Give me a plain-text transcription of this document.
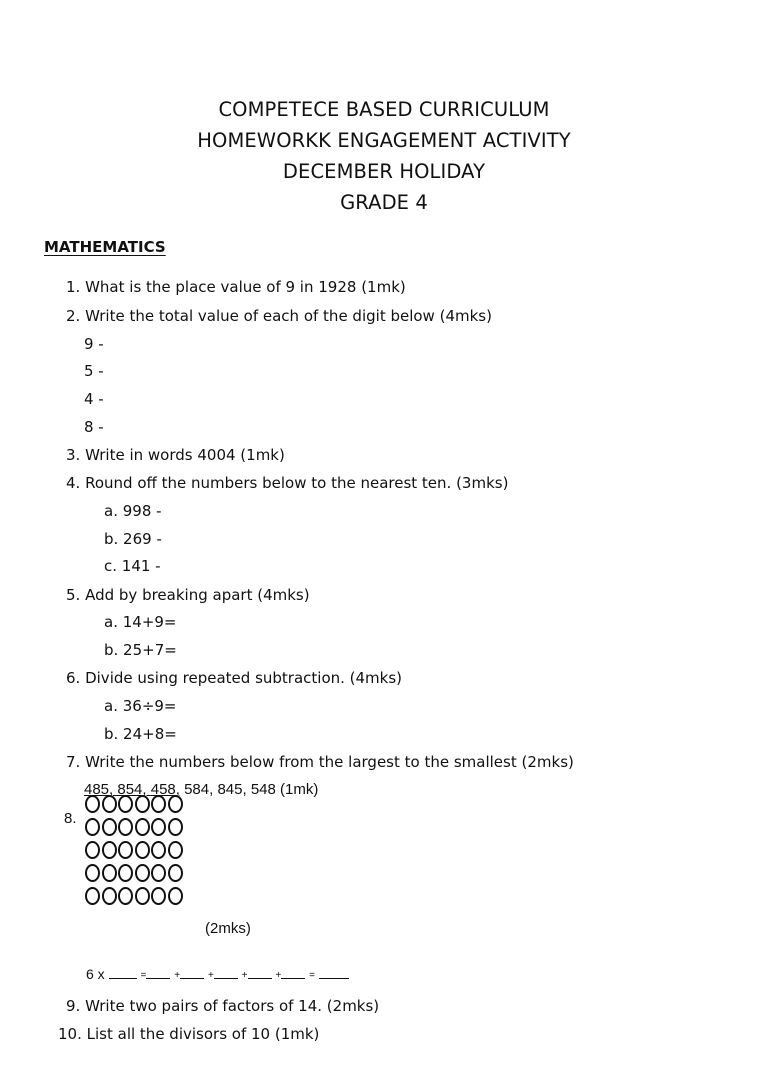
COMPETECE BASED CURRICULUM
HOMEWORKK ENGAGEMENT ACTIVITY
DECEMBER HOLIDAY
GRADE 4
MATHEMATICS
1. What is the place value of 9 in 1928 (1mk)
2. Write the total value of each of the digit below (4mks)
9 -
5 -
4 -
8 -
3. Write in words 4004 (1mk)
4. Round off the numbers below to the nearest ten. (3mks)
a. 998 -
b. 269 -
c. 141 -
5. Add by breaking apart (4mks)
a. 14+9=
b. 25+7=
6. Divide using repeated subtraction. (4mks)
a. 36÷9=
b. 24+8=
7. Write the numbers below from the largest to the smallest (2mks)
485, 854, 458, 584, 845, 548 (1mk)
8.
(2mks)
6 x	=	+	+	+	+	=
9. Write two pairs of factors of 14. (2mks)
10. List all the divisors of 10 (1mk)
